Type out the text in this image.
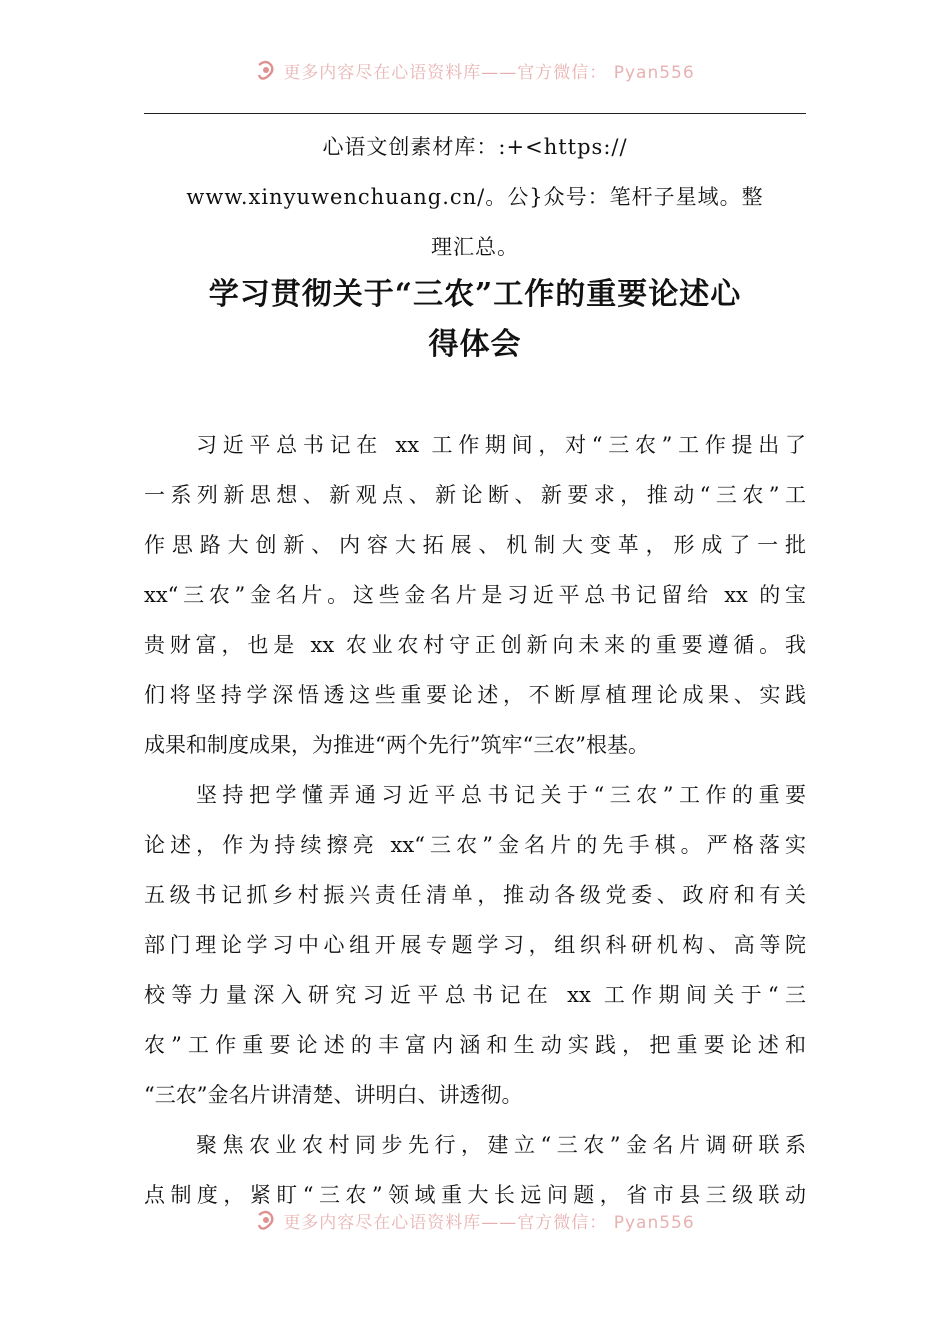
更多内容尽在心语资料库——官方微信： Pyan556
心语文创素材库：:+<https://
www.xinyuwenchuang.cn/。公}众号：笔杆子星域。整
理汇总。
学习贯彻关于“三农”工作的重要论述心
得体会
习近平总书记在 xx 工作期间，对“三农”工作提出了
一系列新思想、新观点、新论断、新要求，推动“三农”工
作思路大创新、内容大拓展、机制大变革，形成了一批
xx“三农”金名片。这些金名片是习近平总书记留给 xx 的宝
贵财富，也是 xx 农业农村守正创新向未来的重要遵循。我
们将坚持学深悟透这些重要论述，不断厚植理论成果、实践
成果和制度成果，为推进“两个先行”筑牢“三农”根基。
坚持把学懂弄通习近平总书记关于“三农”工作的重要
论述，作为持续擦亮 xx“三农”金名片的先手棋。严格落实
五级书记抓乡村振兴责任清单，推动各级党委、政府和有关
部门理论学习中心组开展专题学习，组织科研机构、高等院
校等力量深入研究习近平总书记在 xx 工作期间关于“三
农”工作重要论述的丰富内涵和生动实践，把重要论述和
“三农”金名片讲清楚、讲明白、讲透彻。
聚焦农业农村同步先行，建立“三农”金名片调研联系
点制度，紧盯“三农”领域重大长远问题，省市县三级联动
更多内容尽在心语资料库——官方微信： Pyan556
